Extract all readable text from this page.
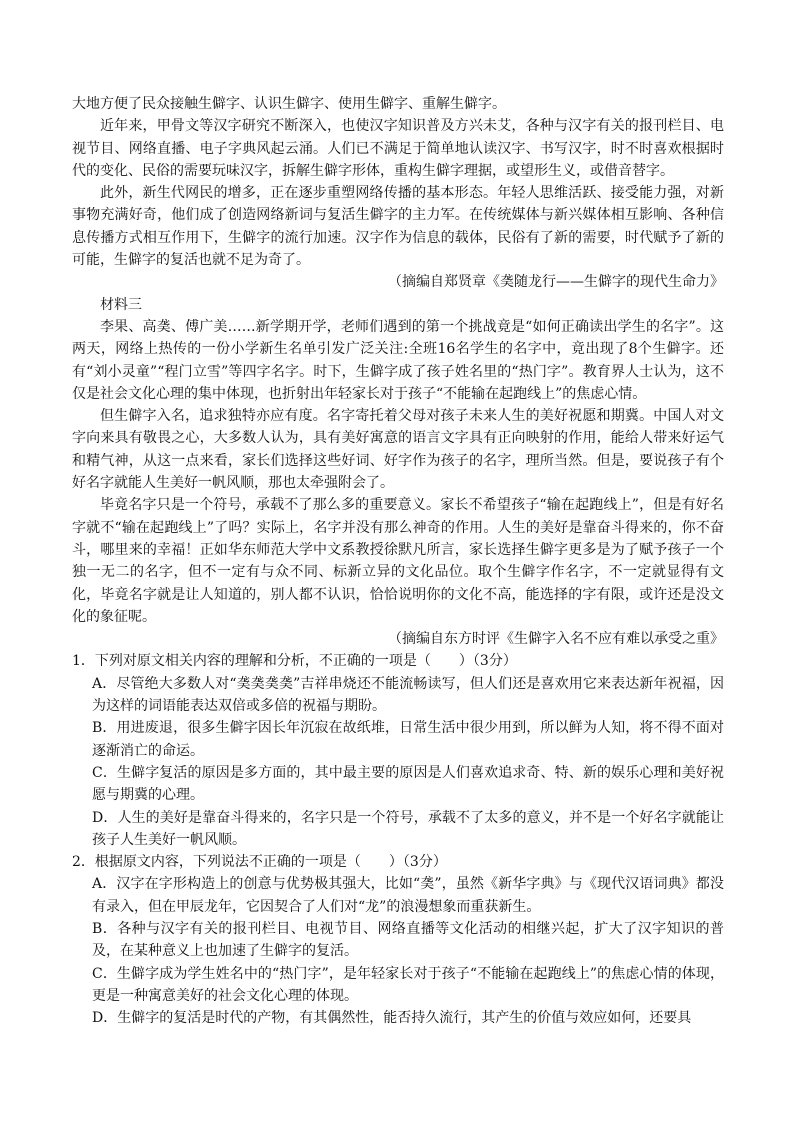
大地方便了民众接触生僻字、认识生僻字、使用生僻字、重解生僻字。

近年来，甲骨文等汉字研究不断深入，也使汉字知识普及方兴未艾，各种与汉字有关的报刊栏目、电视节目、网络直播、电子字典风起云涌。人们已不满足于简单地认读汉字、书写汉字，时不时喜欢根据时代的变化、民俗的需要玩味汉字，拆解生僻字形体，重构生僻字理据，或望形生义，或借音替字。

此外，新生代网民的增多，正在逐步重塑网络传播的基本形态。年轻人思维活跃、接受能力强，对新事物充满好奇，他们成了创造网络新词与复活生僻字的主力军。在传统媒体与新兴媒体相互影响、各种信息传播方式相互作用下，生僻字的流行加速。汉字作为信息的载体，民俗有了新的需要，时代赋予了新的可能，生僻字的复活也就不足为奇了。

（摘编自郑贤章《䶮随龙行——生僻字的现代生命力》

材料三

李果、高䶮、傅广美……新学期开学，老师们遇到的第一个挑战竟是“如何正确读出学生的名字”。这两天，网络上热传的一份小学新生名单引发广泛关注:全班16名学生的名字中，竟出现了8个生僻字。还有“刘小灵童”“程门立雪”等四字名字。时下，生僻字成了孩子姓名里的“热门字”。教育界人士认为，这不仅是社会文化心理的集中体现，也折射出年轻家长对于孩子“不能输在起跑线上”的焦虑心情。

但生僻字入名，追求独特亦应有度。名字寄托着父母对孩子未来人生的美好祝愿和期冀。中国人对文字向来具有敬畏之心，大多数人认为，具有美好寓意的语言文字具有正向映射的作用，能给人带来好运气和精气神，从这一点来看，家长们选择这些好词、好字作为孩子的名字，理所当然。但是，要说孩子有个好名字就能人生美好一帆风顺，那也太牵强附会了。

毕竟名字只是一个符号，承载不了那么多的重要意义。家长不希望孩子“输在起跑线上”，但是有好名字就不“输在起跑线上”了吗？实际上，名字并没有那么神奇的作用。人生的美好是靠奋斗得来的，你不奋斗，哪里来的幸福！正如华东师范大学中文系教授徐默凡所言，家长选择生僻字更多是为了赋予孩子一个独一无二的名字，但不一定有与众不同、标新立异的文化品位。取个生僻字作名字，不一定就显得有文化，毕竟名字就是让人知道的，别人都不认识，恰恰说明你的文化不高，能选择的字有限，或许还是没文化的象征呢。

（摘编自东方时评《生僻字入名不应有难以承受之重》

1．下列对原文相关内容的理解和分析，不正确的一项是（　　）（3分）

A．尽管绝大多数人对“䶮䶮䶮䶮”吉祥串烧还不能流畅读写，但人们还是喜欢用它来表达新年祝福，因为这样的词语能表达双倍或多倍的祝福与期盼。

B．用进废退，很多生僻字因长年沉寂在故纸堆，日常生活中很少用到，所以鲜为人知，将不得不面对逐渐消亡的命运。

C．生僻字复活的原因是多方面的，其中最主要的原因是人们喜欢追求奇、特、新的娱乐心理和美好祝愿与期冀的心理。

D．人生的美好是靠奋斗得来的，名字只是一个符号，承载不了太多的意义，并不是一个好名字就能让孩子人生美好一帆风顺。

2．根据原文内容，下列说法不正确的一项是（　　）（3分）

A．汉字在字形构造上的创意与优势极其强大，比如“䶮”，虽然《新华字典》与《现代汉语词典》都没有录入，但在甲辰龙年，它因契合了人们对“龙”的浪漫想象而重获新生。

B．各种与汉字有关的报刊栏目、电视节目、网络直播等文化活动的相继兴起，扩大了汉字知识的普及，在某种意义上也加速了生僻字的复活。

C．生僻字成为学生姓名中的“热门字”，是年轻家长对于孩子“不能输在起跑线上”的焦虑心情的体现，更是一种寓意美好的社会文化心理的体现。

D．生僻字的复活是时代的产物，有其偶然性，能否持久流行，其产生的价值与效应如何，还要具
